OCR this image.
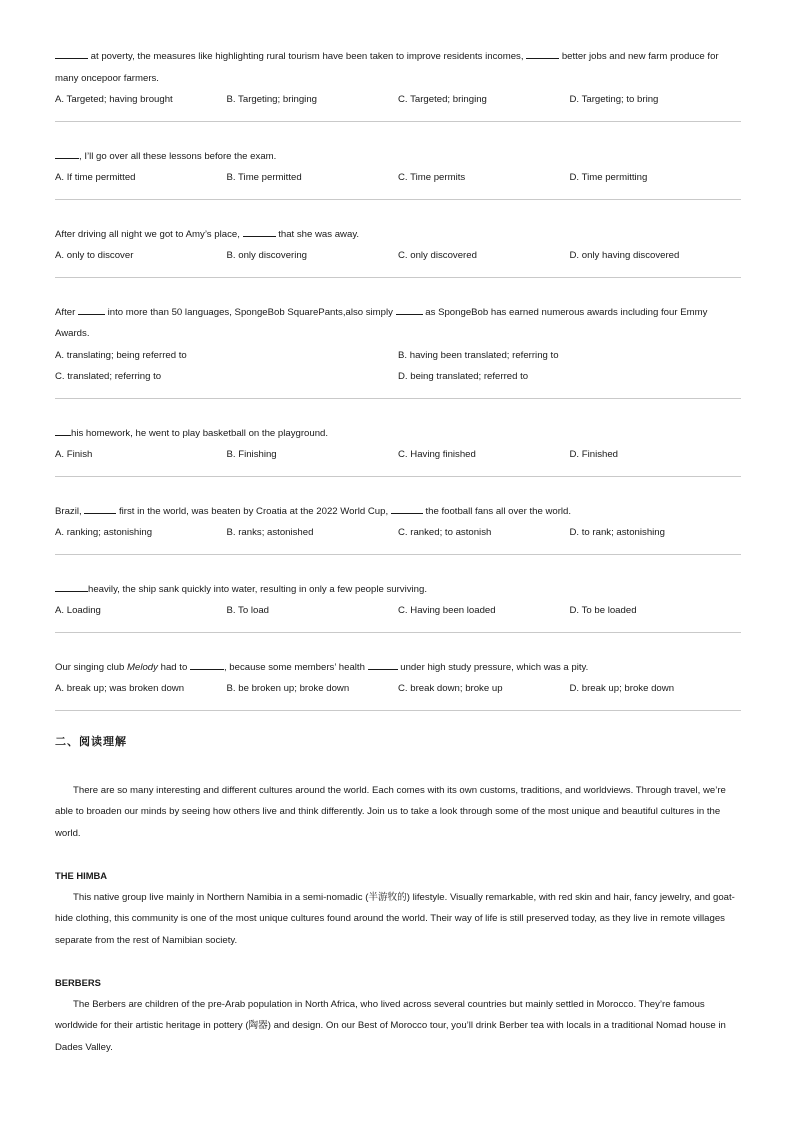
at poverty, the measures like highlighting rural tourism have been taken to improve residents incomes,	better jobs and new farm produce for many oncepoor farmers.
A. Targeted; having brought	B. Targeting; bringing	C. Targeted; bringing	D. Targeting; to bring
, I’ll go over all these lessons before the exam.
A. If time permitted	B. Time permitted	C. Time permits	D. Time permitting
After driving all night we got to Amy’s place,	that she was away.
A. only to discover	B. only discovering	C. only discovered	D. only having discovered
After	into more than 50 languages, SpongeBob SquarePants,also simply	as SpongeBob has earned numerous awards including four Emmy Awards.
A. translating; being referred to	B. having been translated; referring to
C. translated; referring to	D. being translated; referred to
his homework, he went to play basketball on the playground.
A. Finish	B. Finishing	C. Having finished	D. Finished
Brazil,	first in the world, was beaten by Croatia at the 2022 World Cup,	the football fans all over the world.
A. ranking; astonishing	B. ranks; astonished	C. ranked; to astonish	D. to rank; astonishing
heavily, the ship sank quickly into water, resulting in only a few people surviving.
A. Loading	B. To load	C. Having been loaded	D. To be loaded
Our singing club Melody had to	, because some members’ health	under high study pressure, which was a pity.
A. break up; was broken down	B. be broken up; broke down	C. break down; broke up	D. break up; broke down
二、阅读理解

There are so many interesting and different cultures around the world. Each comes with its own customs, traditions, and worldviews. Through travel, we’re able to broaden our minds by seeing how others live and think differently. Join us to take a look through some of the most unique and beautiful cultures in the world.

THE HIMBA

This native group live mainly in Northern Namibia in a semi-nomadic (半游牧的) lifestyle. Visually remarkable, with red skin and hair, fancy jewelry, and goat-hide clothing, this community is one of the most unique cultures found around the world. Their way of life is still preserved today, as they live in remote villages separate from the rest of Namibian society.

BERBERS

The Berbers are children of the pre-Arab population in North Africa, who lived across several countries but mainly settled in Morocco. They’re famous worldwide for their artistic heritage in pottery (陶器) and design. On our Best of Morocco tour, you’ll drink Berber tea with locals in a traditional Nomad house in Dades Valley.
